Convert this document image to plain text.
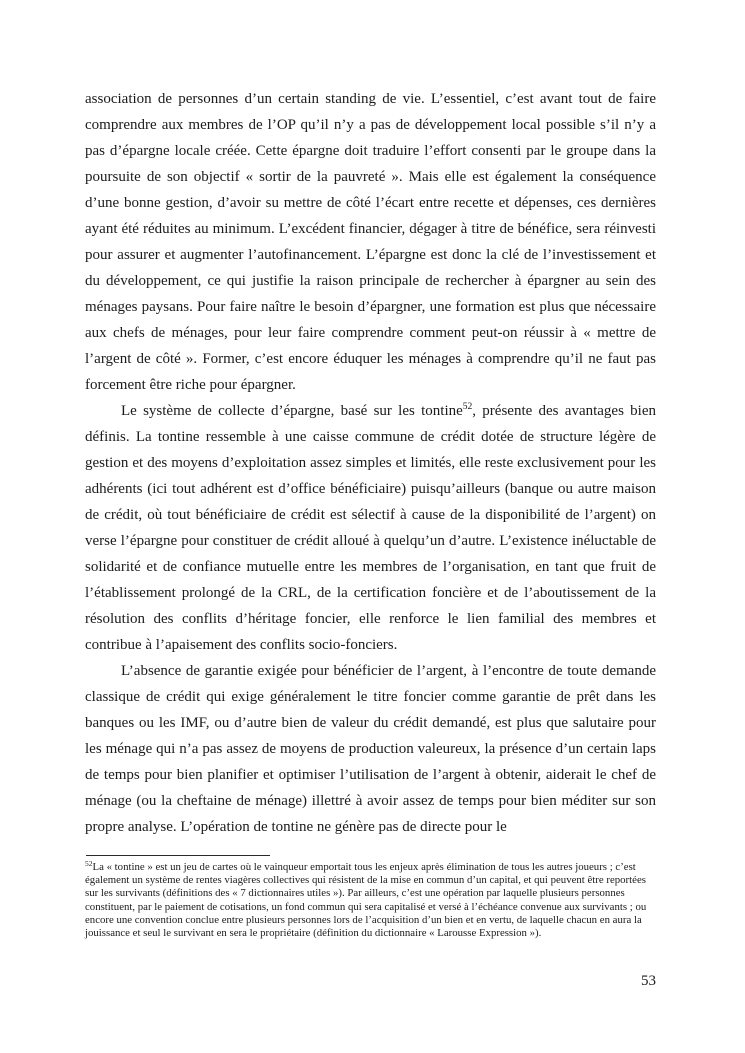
association de personnes d’un certain standing de vie. L’essentiel, c’est avant tout de faire comprendre aux membres de l’OP qu’il n’y a pas de développement local possible s’il n’y a pas d’épargne locale créée. Cette épargne doit traduire l’effort consenti par le groupe dans la poursuite de son objectif « sortir de la pauvreté ». Mais elle est également la conséquence d’une bonne gestion, d’avoir su mettre de côté l’écart entre recette et dépenses, ces dernières ayant été réduites au minimum. L’excédent financier, dégager à titre de bénéfice, sera réinvesti pour assurer et augmenter l’autofinancement. L’épargne est donc la clé de l’investissement et du développement, ce qui justifie la raison principale de rechercher à épargner au sein des ménages paysans. Pour faire naître le besoin d’épargner, une formation est plus que nécessaire aux chefs de ménages, pour leur faire comprendre comment peut-on réussir à « mettre de l’argent de côté ». Former, c’est encore éduquer les ménages à comprendre qu’il ne faut pas forcement être riche pour épargner.

Le système de collecte d’épargne, basé sur les tontine$^{52}$, présente des avantages bien définis. La tontine ressemble à une caisse commune de crédit dotée de structure légère de gestion et des moyens d’exploitation assez simples et limités, elle reste exclusivement pour les adhérents (ici tout adhérent est d’office bénéficiaire) puisqu’ailleurs (banque ou autre maison de crédit, où tout bénéficiaire de crédit est sélectif à cause de la disponibilité de l’argent) on verse l’épargne pour constituer de crédit alloué à quelqu’un d’autre. L’existence inéluctable de solidarité et de confiance mutuelle entre les membres de l’organisation, en tant que fruit de l’établissement prolongé de la CRL, de la certification foncière et de l’aboutissement de la résolution des conflits d’héritage foncier, elle renforce le lien familial des membres et contribue à l’apaisement des conflits socio-fonciers.

L’absence de garantie exigée pour bénéficier de l’argent, à l’encontre de toute demande classique de crédit qui exige généralement le titre foncier comme garantie de prêt dans les banques ou les IMF, ou d’autre bien de valeur du crédit demandé, est plus que salutaire pour les ménage qui n’a pas assez de moyens de production valeureux, la présence d’un certain laps de temps pour bien planifier et optimiser l’utilisation de l’argent à obtenir, aiderait le chef de ménage (ou la cheftaine de ménage) illettré à avoir assez de temps pour bien méditer sur son propre analyse. L’opération de tontine ne génère pas de directe pour le

$^{52}$La « tontine » est un jeu de cartes où le vainqueur emportait tous les enjeux après élimination de tous les autres joueurs ; c’est également un système de rentes viagères collectives qui résistent de la mise en commun d’un capital, et qui peuvent être reportées sur les survivants (définitions des « 7 dictionnaires utiles »). Par ailleurs, c’est une opération par laquelle plusieurs personnes constituent, par le paiement de cotisations, un fond commun qui sera capitalisé et versé à l’échéance convenue aux survivants ; ou encore une convention conclue entre plusieurs personnes lors de l’acquisition d’un bien et en vertu, de laquelle chacun en aura la jouissance et seul le survivant en sera le propriétaire (définition du dictionnaire « Larousse Expression »).
53
